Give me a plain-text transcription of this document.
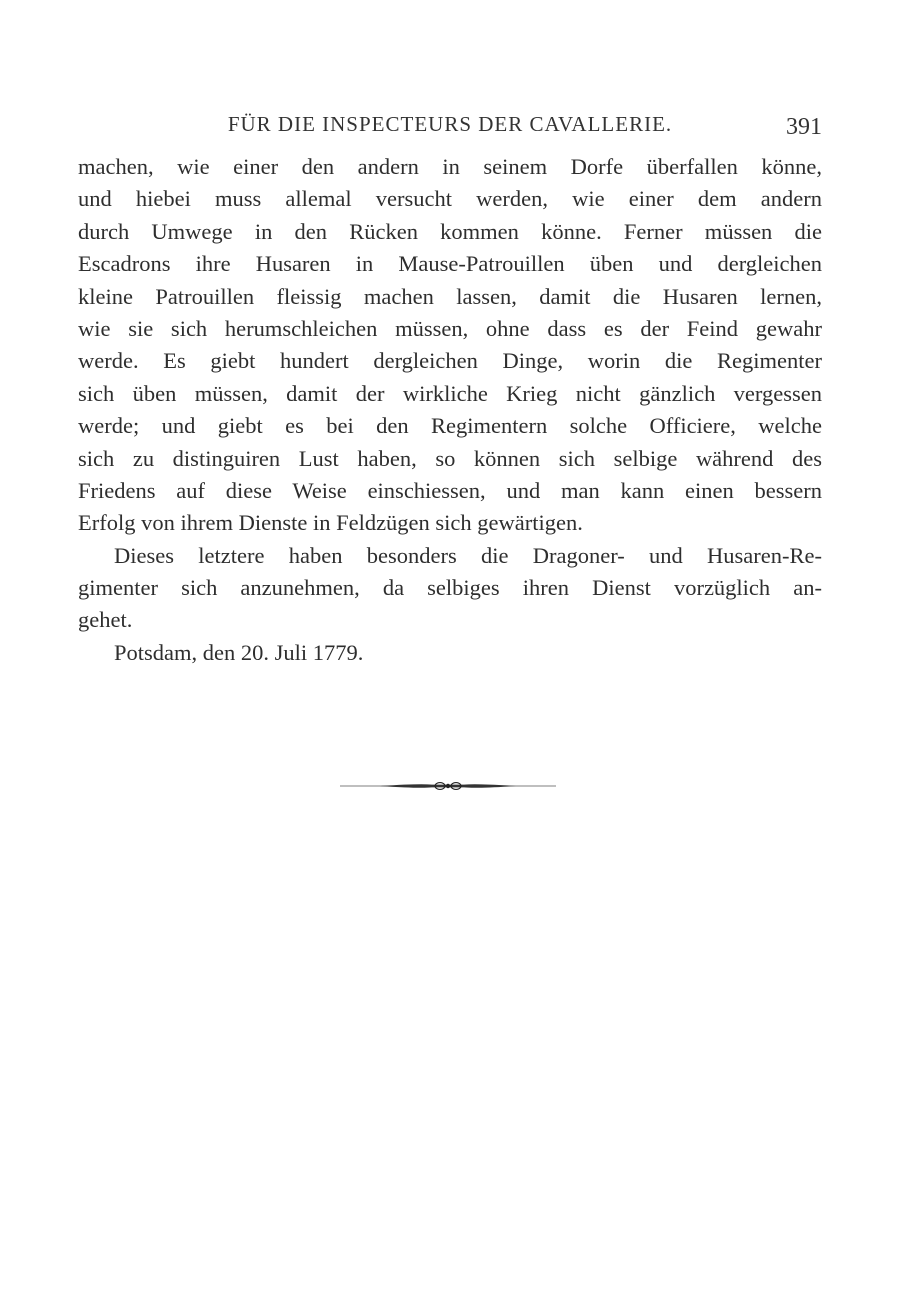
FÜR DIE INSPECTEURS DER CAVALLERIE.	391
machen, wie einer den andern in seinem Dorfe überfallen könne,
und hiebei muss allemal versucht werden, wie einer dem andern
durch Umwege in den Rücken kommen könne. Ferner müssen die
Escadrons ihre Husaren in Mause-Patrouillen üben und dergleichen
kleine Patrouillen fleissig machen lassen, damit die Husaren lernen,
wie sie sich herumschleichen müssen, ohne dass es der Feind gewahr
werde. Es giebt hundert dergleichen Dinge, worin die Regimenter
sich üben müssen, damit der wirkliche Krieg nicht gänzlich vergessen
werde; und giebt es bei den Regimentern solche Officiere, welche
sich zu distinguiren Lust haben, so können sich selbige während des
Friedens auf diese Weise einschiessen, und man kann einen bessern
Erfolg von ihrem Dienste in Feldzügen sich gewärtigen.
Dieses letztere haben besonders die Dragoner- und Husaren-Re-
gimenter sich anzunehmen, da selbiges ihren Dienst vorzüglich an-
gehet.
Potsdam, den 20. Juli 1779.
